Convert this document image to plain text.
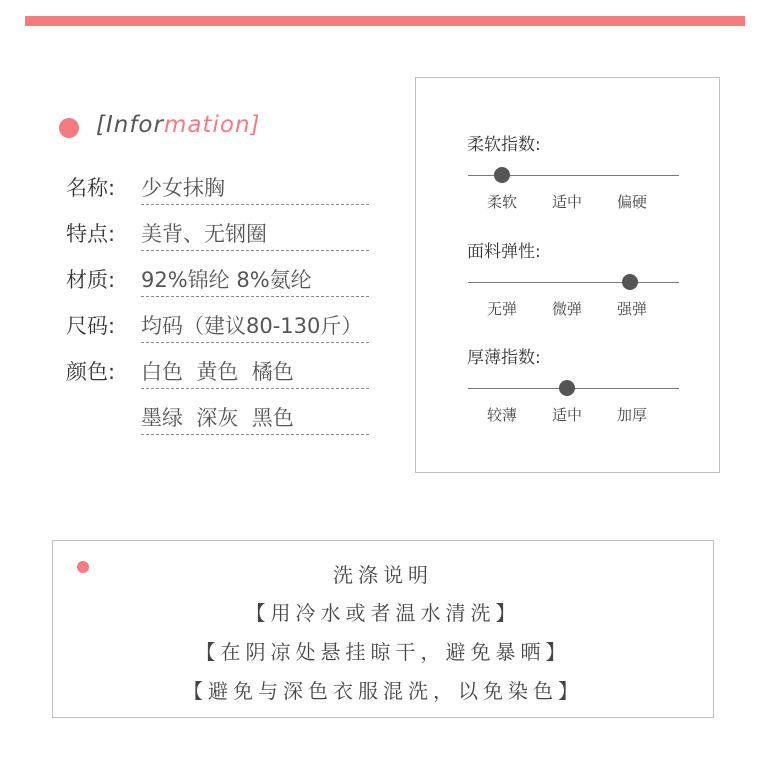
[Information]
名称: 少女抹胸
特点: 美背、无钢圈
材质: 92%锦纶 8%氨纶
尺码: 均码（建议80-130斤）
颜色: 白色  黄色  橘色
墨绿  深灰  黑色
柔软指数:
柔软	适中	偏硬
面料弹性:
无弹	微弹	强弹
厚薄指数:
较薄	适中	加厚
洗涤说明
【用冷水或者温水清洗】
【在阴凉处悬挂晾干，避免暴晒】
【避免与深色衣服混洗，以免染色】
